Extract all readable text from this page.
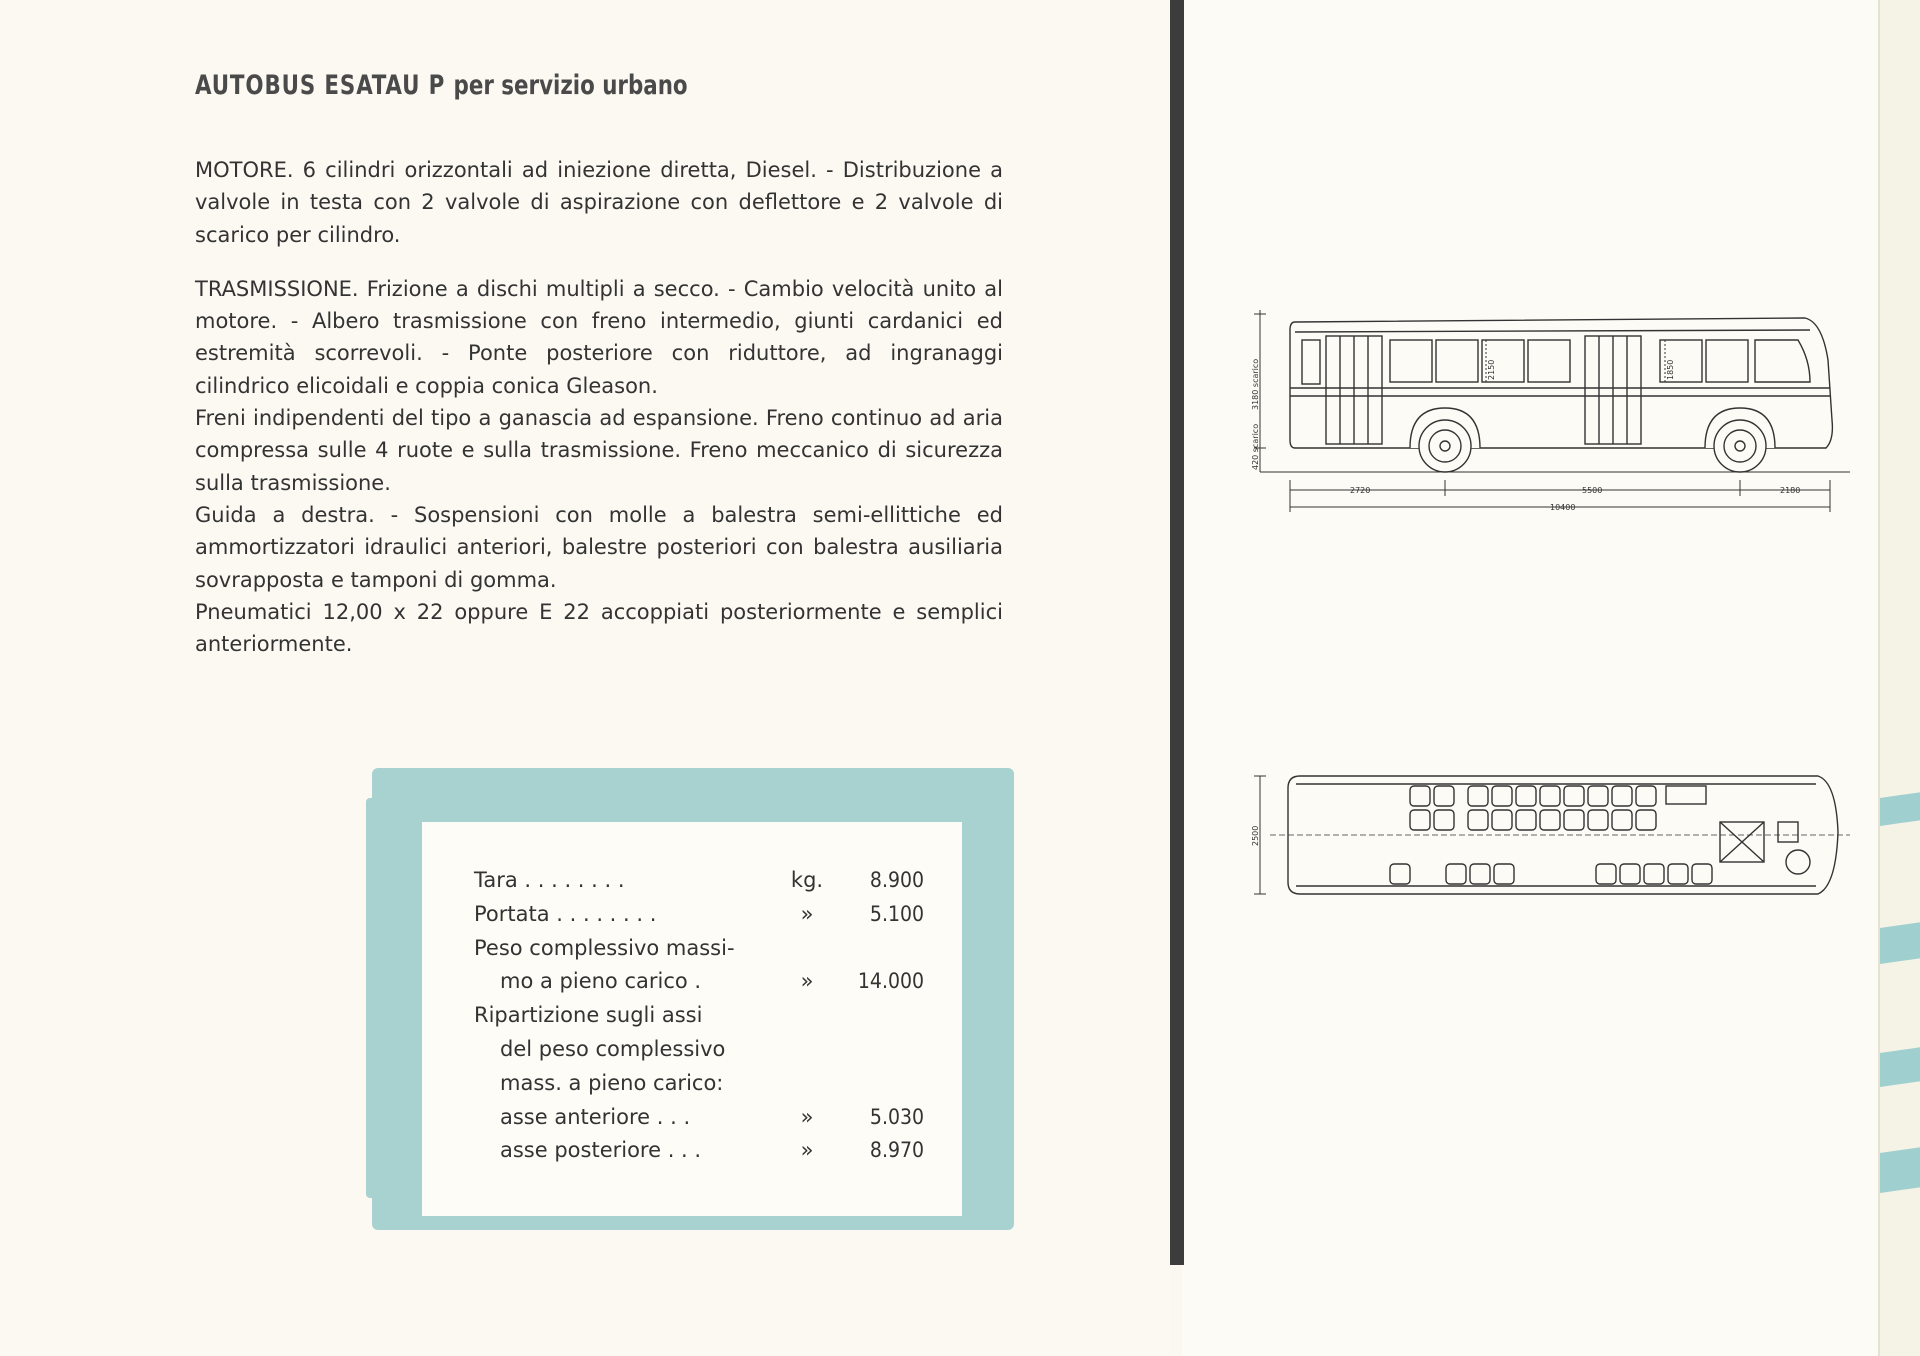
AUTOBUS ESATAU P per servizio urbano

MOTORE. 6 cilindri orizzontali ad iniezione diretta, Diesel. - Distribuzione a valvole in testa con 2 valvole di aspirazione con deflettore e 2 valvole di scarico per cilindro.

TRASMISSIONE. Frizione a dischi multipli a secco. - Cambio velocità unito al motore. - Albero trasmissione con freno intermedio, giunti cardanici ed estremità scorrevoli. - Ponte posteriore con riduttore, ad ingranaggi cilindrico elicoidali e coppia conica Gleason.

Freni indipendenti del tipo a ganascia ad espansione. Freno continuo ad aria compressa sulle 4 ruote e sulla trasmissione. Freno meccanico di sicurezza sulla trasmissione.

Guida a destra. - Sospensioni con molle a balestra semi-ellittiche ed ammortizzatori idraulici anteriori, balestre posteriori con balestra ausiliaria sovrapposta e tamponi di gomma.

Pneumatici 12,00 x 22 oppure E 22 accoppiati posteriormente e semplici anteriormente.

Tara . . . . . . . .	kg.	8.900
Portata . . . . . . . .	»	5.100
Peso complessivo massi-
mo a pieno carico .	»	14.000
Ripartizione sugli assi
del peso complessivo
mass. a pieno carico:
asse anteriore . . .	»	5.030
asse posteriore . . .	»	8.970
2720	5500	2180
10400
3180 scarico
420 scarico
2150	1850
2500
